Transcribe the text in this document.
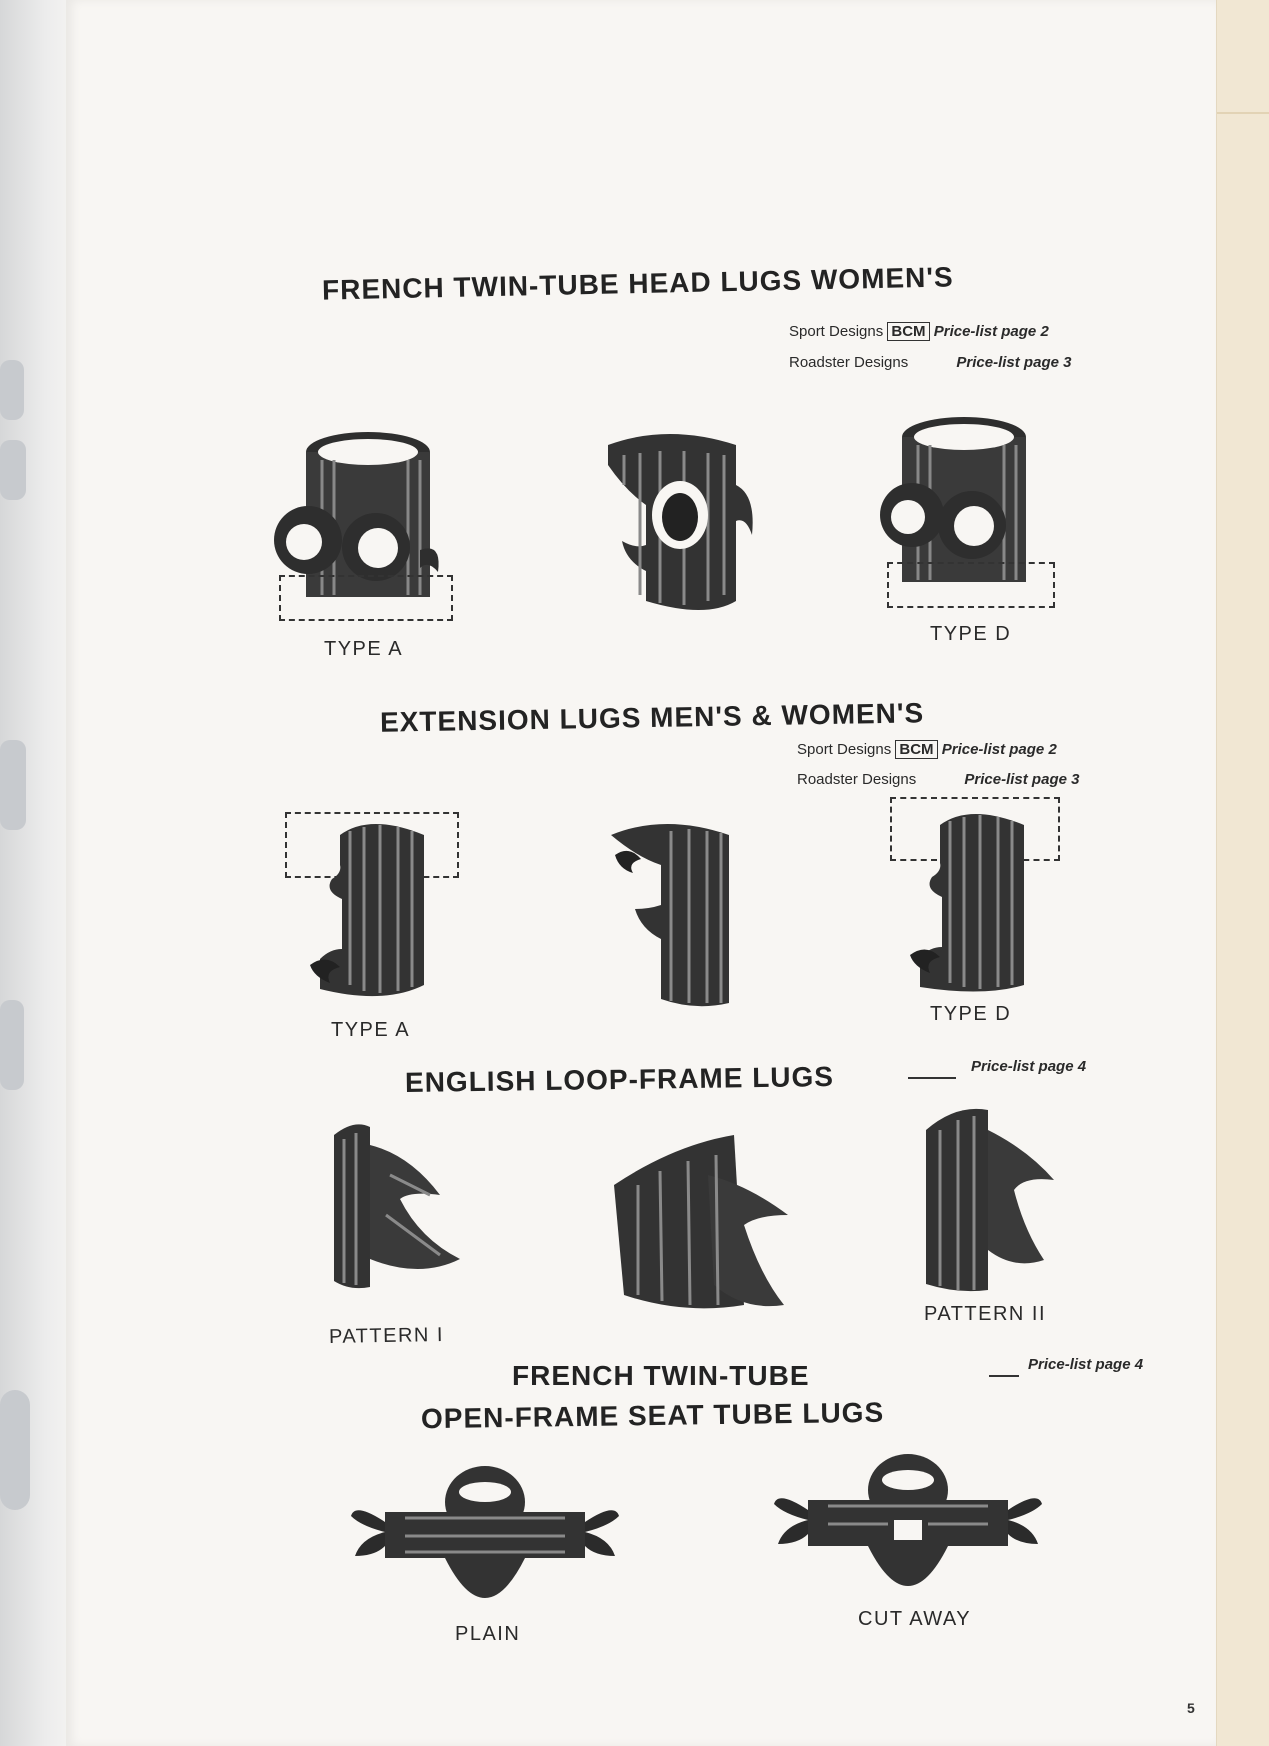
FRENCH TWIN-TUBE HEAD LUGS WOMEN'S
Sport Designs BCM Price-list page 2
Roadster Designs	Price-list page 3
TYPE A
TYPE D
EXTENSION LUGS MEN'S & WOMEN'S
Sport Designs BCM Price-list page 2
Roadster Designs	Price-list page 3
TYPE A
TYPE D
ENGLISH LOOP-FRAME LUGS	Price-list page 4
PATTERN I
PATTERN II
FRENCH TWIN-TUBE
OPEN-FRAME SEAT TUBE LUGS
Price-list page 4
PLAIN
CUT AWAY
5
